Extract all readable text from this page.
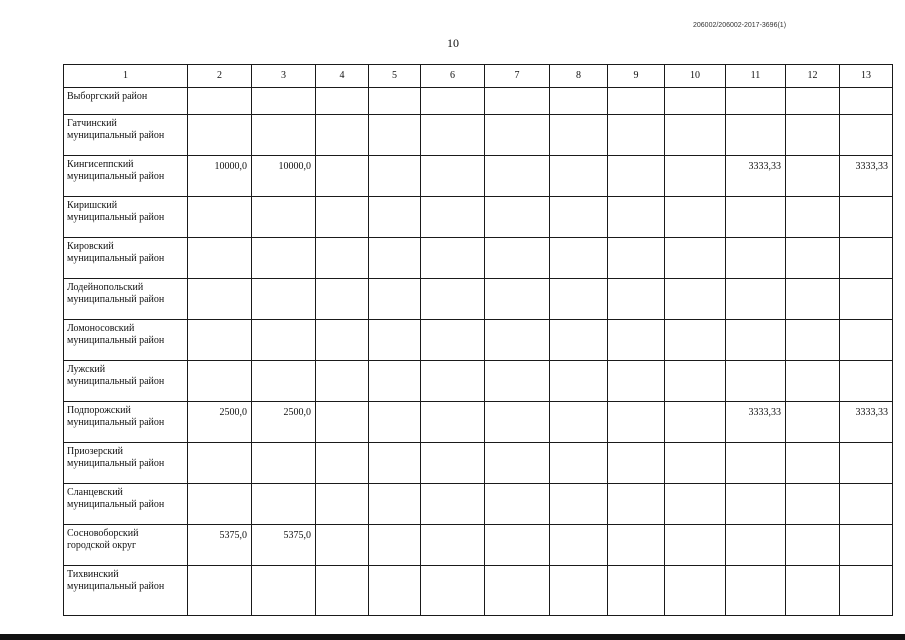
206002/206002-2017-3696(1)
10
1	2	3	4	5	6	7	8	9	10	11	12	13
Выборгский район												
Гатчинский
муниципальный район												
Кингисеппский
муниципальный район	10000,0	10000,0								3333,33		3333,33
Киришский
муниципальный район												
Кировский
муниципальный район												
Лодейнопольский
муниципальный район												
Ломоносовский
муниципальный район												
Лужский
муниципальный район												
Подпорожский
муниципальный район	2500,0	2500,0								3333,33		3333,33
Приозерский
муниципальный район												
Сланцевский
муниципальный район												
Сосновоборский
городской округ	5375,0	5375,0										
Тихвинский
муниципальный район												
